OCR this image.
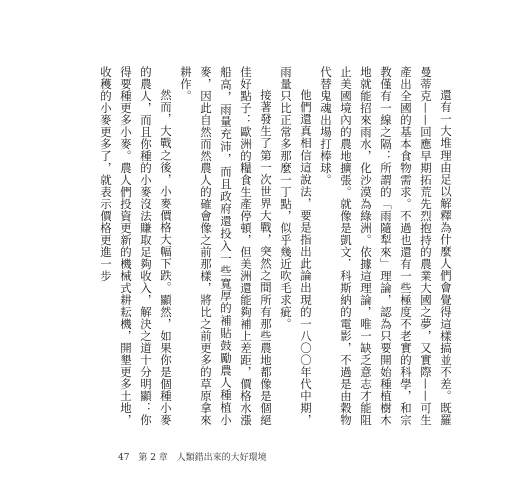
還有一大堆理由足以解釋為什麼人們會覺得這樣搞並不差。既羅曼蒂克——回應早期拓荒先烈抱持的農業大國之夢，又實際——可生產出全國的基本食物需求。不過也還有一些極度不老實的科學，和宗教僅有一線之隔：所謂的「雨隨犁來」理論，認為只要開始種植樹木地就能招來雨水，化沙漠為綠洲。依據這理論，唯一缺乏意志才能阻止美國境內的農地擴張。就像是凱文．科斯納的電影，不過是由穀物代替鬼魂出場打棒球。

他們還真相信這說法，要是指出此論出現的一八〇〇年代中期，雨量只比正常多那麼一丁點，似乎幾近吹毛求疵。

接著發生了第一次世界大戰，突然之間所有那些農地都像是個絕佳好點子：歐洲的糧食生產停頓，但美洲還能夠補上差距，價格水漲船高，雨量充沛，而且政府還投入一些寬厚的補貼鼓勵農人種植小麥，因此自然而然農人的確會像之前那樣，將比之前更多的草原拿來耕作。

然而，大戰之後，小麥價格大幅下跌。顯然，如果你是個種小麥的農人，而且你種的小麥沒法賺取足夠收入，解決之道十分明顯：你得要種更多小麥。農人們投資更新的機械式耕耘機，開墾更多土地，收穫的小麥更多了，就表示價格更進一步

47 第 2 章 人類錯出來的大好環境
